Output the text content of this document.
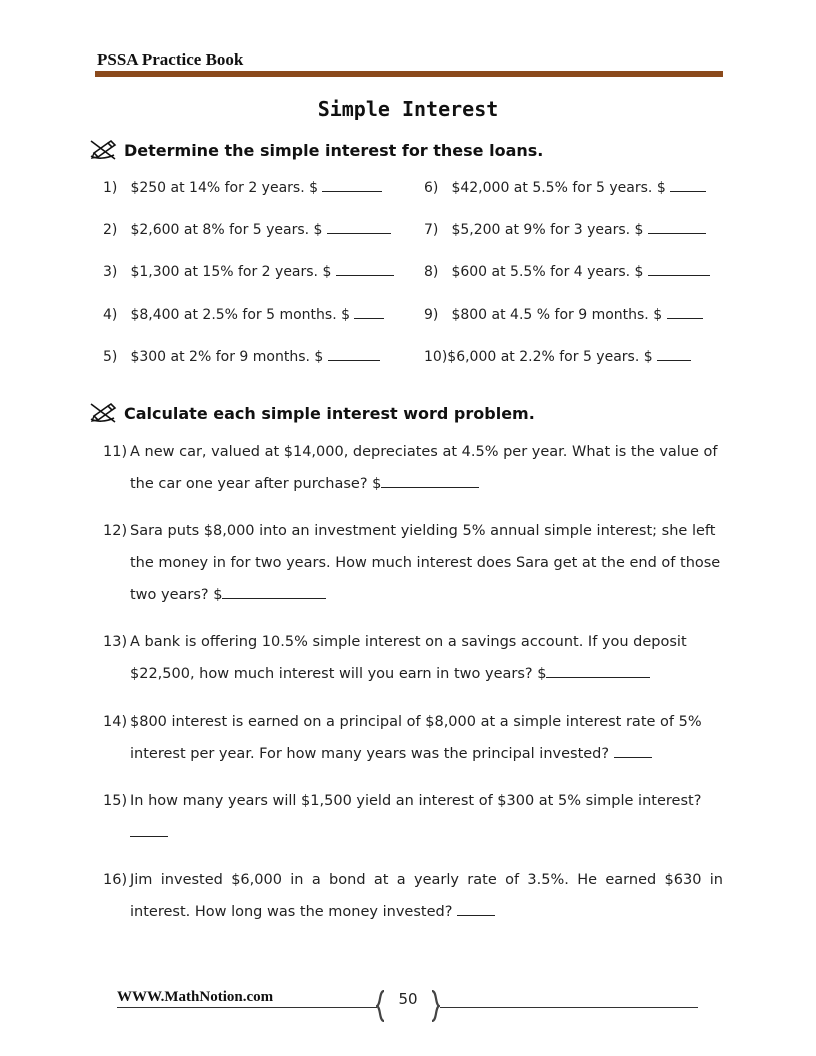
PSSA Practice Book
Simple Interest
Determine the simple interest for these loans.
1) $250 at 14% for 2 years. $	6) $42,000 at 5.5% for 5 years. $
2) $2,600 at 8% for 5 years. $	7) $5,200 at 9% for 3 years. $
3) $1,300 at 15% for 2 years. $	8) $600 at 5.5% for 4 years. $
4) $8,400 at 2.5% for 5 months. $	9) $800 at 4.5 % for 9 months. $
5) $300 at 2% for 9 months. $	10)$6,000 at 2.2% for 5 years. $
Calculate each simple interest word problem.
11) A new car, valued at $14,000, depreciates at 4.5% per year. What is the value of the car one year after purchase? $
12) Sara puts $8,000 into an investment yielding 5% annual simple interest; she left the money in for two years. How much interest does Sara get at the end of those two years? $
13) A bank is offering 10.5% simple interest on a savings account. If you deposit $22,500, how much interest will you earn in two years? $
14) $800 interest is earned on a principal of $8,000 at a simple interest rate of 5% interest per year. For how many years was the principal invested?
15) In how many years will $1,500 yield an interest of $300 at 5% simple interest?

16) Jim invested $6,000 in a bond at a yearly rate of 3.5%. He earned $630 in interest. How long was the money invested?
WWW.MathNotion.com	50
